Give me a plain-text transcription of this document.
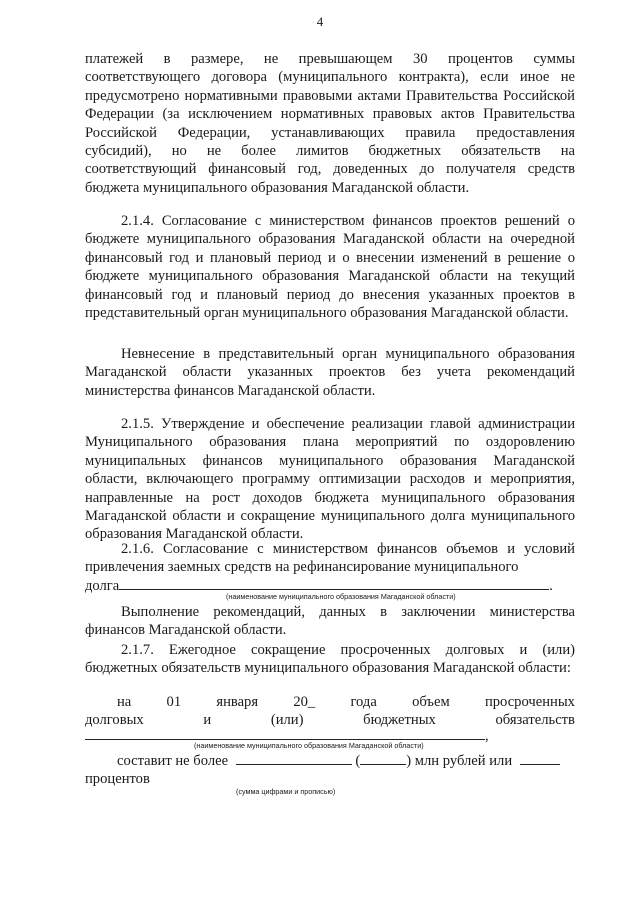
4
платежей в размере, не превышающем 30 процентов суммы соответствующего договора (муниципального контракта), если иное не предусмотрено нормативными правовыми актами Правительства Российской Федерации (за исключением нормативных правовых актов Правительства Российской Федерации, устанавливающих правила предоставления субсидий), но не более лимитов бюджетных обязательств на соответствующий финансовый год, доведенных до получателя средств бюджета муниципального образования Магаданской области.
2.1.4. Согласование с министерством финансов проектов решений о бюджете муниципального образования Магаданской области на очередной финансовый год и плановый период и о внесении изменений в решение о бюджете муниципального образования Магаданской области на текущий финансовый год и плановый период до внесения указанных проектов в представительный орган муниципального образования Магаданской области.
Невнесение в представительный орган муниципального образования Магаданской области указанных проектов без учета рекомендаций министерства финансов Магаданской области.
2.1.5. Утверждение и обеспечение реализации главой администрации Муниципального образования плана мероприятий по оздоровлению муниципальных финансов муниципального образования Магаданской области, включающего программу оптимизации расходов и мероприятия, направленные на рост доходов бюджета муниципального образования Магаданской области и сокращение муниципального долга муниципального образования Магаданской области.
2.1.6. Согласование с министерством финансов объемов и условий привлечения заемных средств на рефинансирование муниципального
долга	.
(наименование муниципального образования Магаданской области)
Выполнение рекомендаций, данных в заключении министерства финансов Магаданской области.
2.1.7. Ежегодное сокращение просроченных долговых и (или) бюджетных обязательств муниципального образования Магаданской области:
на 01 января 20_ года объем просроченных
долговых	и	(или)	бюджетных	обязательств
,
(наименование муниципального образования Магаданской области)
составит не более	(	) млн рублей или
процентов
(сумма цифрами и прописью)
